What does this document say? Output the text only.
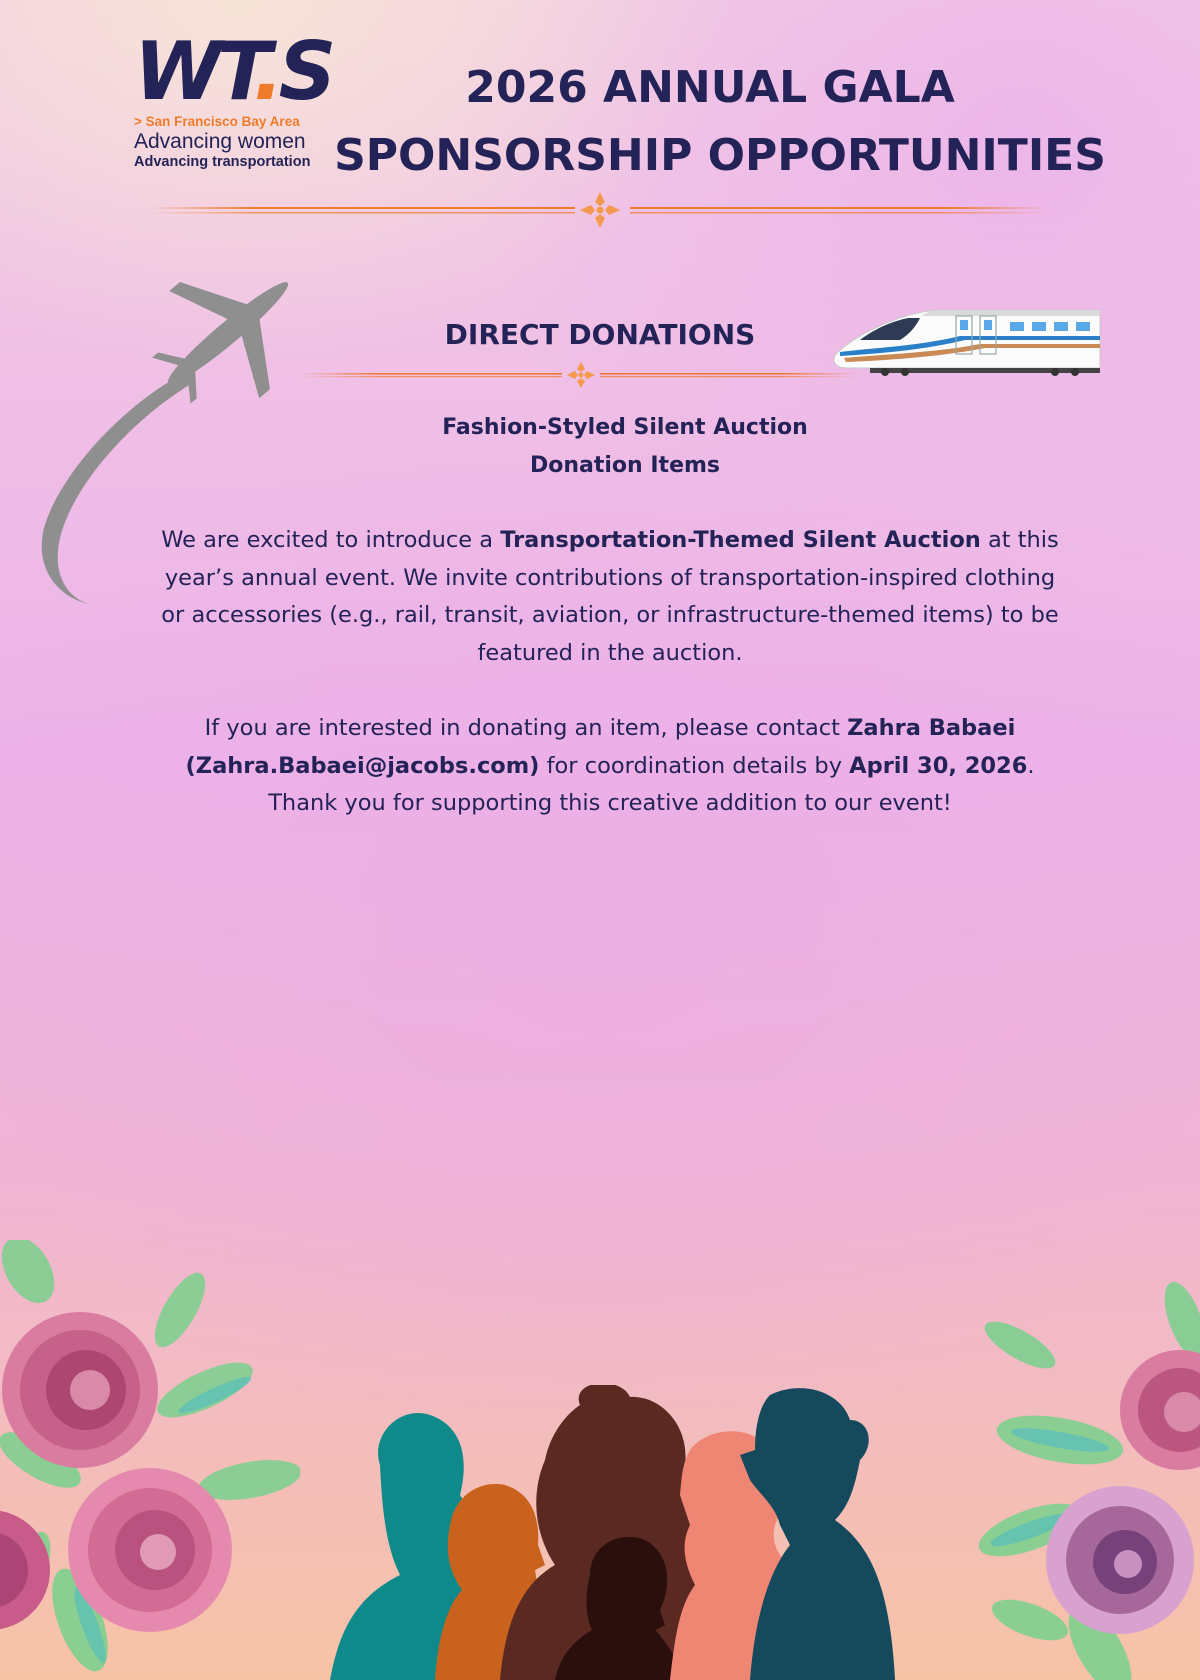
WT.S
> San Francisco Bay Area
Advancing women
Advancing transportation
2026 ANNUAL GALA
SPONSORSHIP OPPORTUNITIES
DIRECT DONATIONS
Fashion-Styled Silent Auction
Donation Items
We are excited to introduce a Transportation-Themed Silent Auction at this year’s annual event. We invite contributions of transportation-inspired clothing or accessories (e.g., rail, transit, aviation, or infrastructure-themed items) to be featured in the auction.
If you are interested in donating an item, please contact Zahra Babaei (Zahra.Babaei@jacobs.com) for coordination details by April 30, 2026. Thank you for supporting this creative addition to our event!
